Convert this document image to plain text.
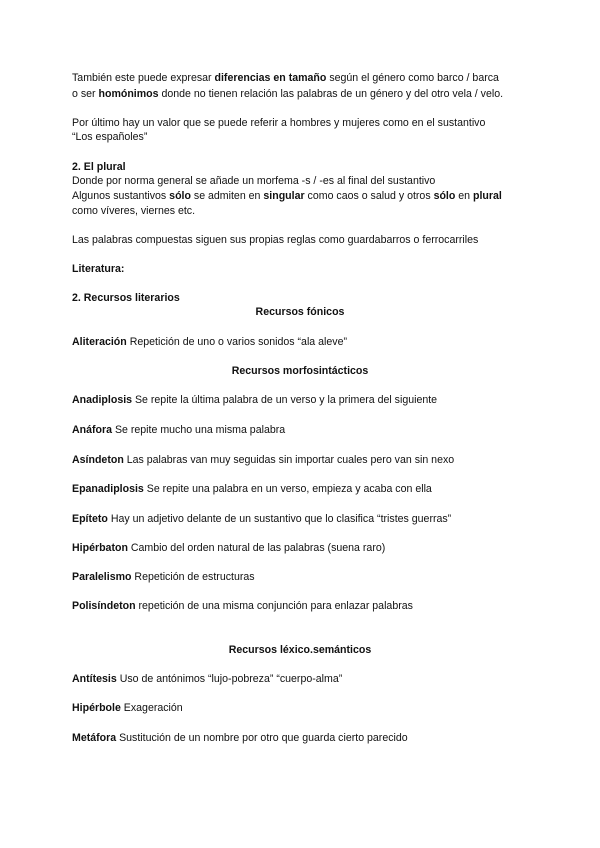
También este puede expresar diferencias en tamaño según el género como barco / barca
o ser homónimos donde no tienen relación las palabras de un género y del otro vela / velo.
Por último hay un valor que se puede referir a hombres y mujeres como en el sustantivo
“Los españoles”
2. El plural
Donde por norma general se añade un morfema -s / -es al final del sustantivo
Algunos sustantivos sólo se admiten en singular como caos o salud y otros sólo en plural
como víveres, viernes etc.
Las palabras compuestas siguen sus propias reglas como guardabarros o ferrocarriles
Literatura:
2. Recursos literarios
Recursos fónicos
Aliteración Repetición de uno o varios sonidos “ala aleve”
Recursos morfosintácticos
Anadiplosis Se repite la última palabra de un verso y la primera del siguiente
Anáfora Se repite mucho una misma palabra
Asíndeton Las palabras van muy seguidas sin importar cuales pero van sin nexo
Epanadiplosis Se repite una palabra en un verso, empieza y acaba con ella
Epíteto Hay un adjetivo delante de un sustantivo que lo clasifica “tristes guerras”
Hipérbaton Cambio del orden natural de las palabras (suena raro)
Paralelismo Repetición de estructuras
Polisíndeton repetición de una misma conjunción para enlazar palabras
Recursos léxico.semánticos
Antítesis Uso de antónimos “lujo-pobreza” “cuerpo-alma”
Hipérbole Exageración
Metáfora Sustitución de un nombre por otro que guarda cierto parecido
